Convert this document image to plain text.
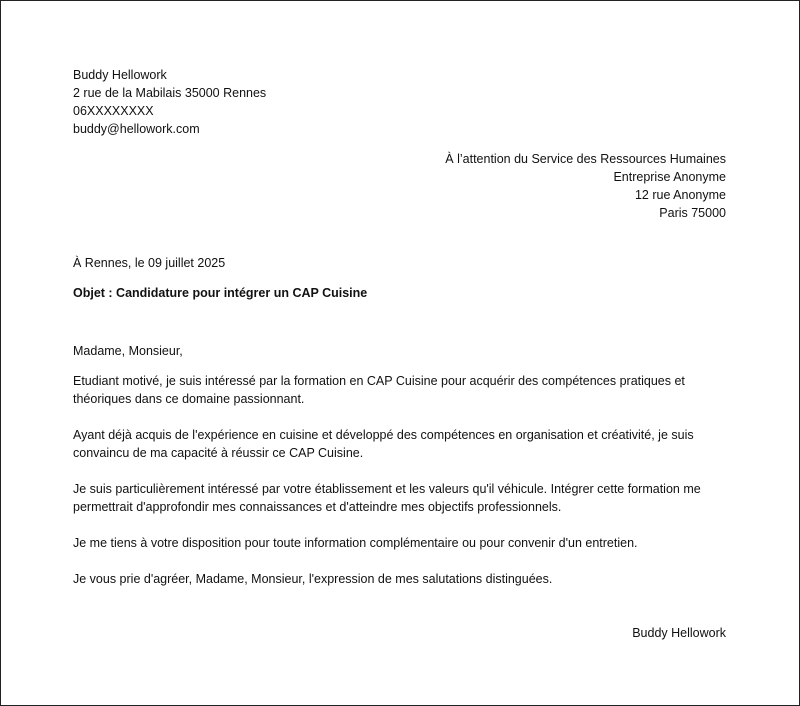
Buddy Hellowork
2 rue de la Mabilais 35000 Rennes
06XXXXXXXX
buddy@hellowork.com
À l’attention du Service des Ressources Humaines
Entreprise Anonyme
12 rue Anonyme
Paris 75000
À Rennes, le 09 juillet 2025
Objet : Candidature pour intégrer un CAP Cuisine

Madame, Monsieur,

Etudiant motivé, je suis intéressé par la formation en CAP Cuisine pour acquérir des compétences pratiques et théoriques dans ce domaine passionnant.

Ayant déjà acquis de l'expérience en cuisine et développé des compétences en organisation et créativité, je suis convaincu de ma capacité à réussir ce CAP Cuisine.

Je suis particulièrement intéressé par votre établissement et les valeurs qu'il véhicule. Intégrer cette formation me permettrait d'approfondir mes connaissances et d'atteindre mes objectifs professionnels.

Je me tiens à votre disposition pour toute information complémentaire ou pour convenir d'un entretien.

Je vous prie d'agréer, Madame, Monsieur, l'expression de mes salutations distinguées.

Buddy Hellowork
